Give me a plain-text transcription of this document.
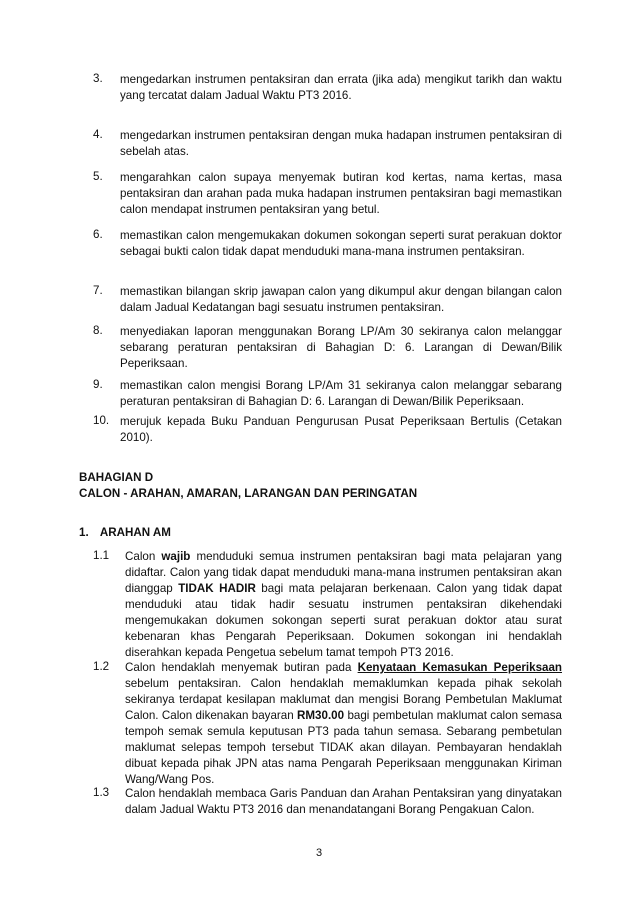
3. mengedarkan instrumen pentaksiran dan errata (jika ada) mengikut tarikh dan waktu yang tercatat dalam Jadual Waktu PT3 2016.
4. mengedarkan instrumen pentaksiran dengan muka hadapan instrumen pentaksiran di sebelah atas.
5. mengarahkan calon supaya menyemak butiran kod kertas, nama kertas, masa pentaksiran dan arahan pada muka hadapan instrumen pentaksiran bagi memastikan calon mendapat instrumen pentaksiran yang betul.
6. memastikan calon mengemukakan dokumen sokongan seperti surat perakuan doktor sebagai bukti calon tidak dapat menduduki mana-mana instrumen pentaksiran.
7. memastikan bilangan skrip jawapan calon yang dikumpul akur dengan bilangan calon dalam Jadual Kedatangan bagi sesuatu instrumen pentaksiran.
8. menyediakan laporan menggunakan Borang LP/Am 30 sekiranya calon melanggar sebarang peraturan pentaksiran di Bahagian D: 6. Larangan di Dewan/Bilik Peperiksaan.
9. memastikan calon mengisi Borang LP/Am 31 sekiranya calon melanggar sebarang peraturan pentaksiran di Bahagian D: 6. Larangan di Dewan/Bilik Peperiksaan.
10. merujuk kepada Buku Panduan Pengurusan Pusat Peperiksaan Bertulis (Cetakan 2010).
BAHAGIAN D
CALON - ARAHAN, AMARAN, LARANGAN DAN PERINGATAN
1. ARAHAN AM
1.1 Calon wajib menduduki semua instrumen pentaksiran bagi mata pelajaran yang didaftar. Calon yang tidak dapat menduduki mana-mana instrumen pentaksiran akan dianggap TIDAK HADIR bagi mata pelajaran berkenaan. Calon yang tidak dapat menduduki atau tidak hadir sesuatu instrumen pentaksiran dikehendaki mengemukakan dokumen sokongan seperti surat perakuan doktor atau surat kebenaran khas Pengarah Peperiksaan. Dokumen sokongan ini hendaklah diserahkan kepada Pengetua sebelum tamat tempoh PT3 2016.
1.2 Calon hendaklah menyemak butiran pada Kenyataan Kemasukan Peperiksaan sebelum pentaksiran. Calon hendaklah memaklumkan kepada pihak sekolah sekiranya terdapat kesilapan maklumat dan mengisi Borang Pembetulan Maklumat Calon. Calon dikenakan bayaran RM30.00 bagi pembetulan maklumat calon semasa tempoh semak semula keputusan PT3 pada tahun semasa. Sebarang pembetulan maklumat selepas tempoh tersebut TIDAK akan dilayan. Pembayaran hendaklah dibuat kepada pihak JPN atas nama Pengarah Peperiksaan menggunakan Kiriman Wang/Wang Pos.
1.3 Calon hendaklah membaca Garis Panduan dan Arahan Pentaksiran yang dinyatakan dalam Jadual Waktu PT3 2016 dan menandatangani Borang Pengakuan Calon.
3
